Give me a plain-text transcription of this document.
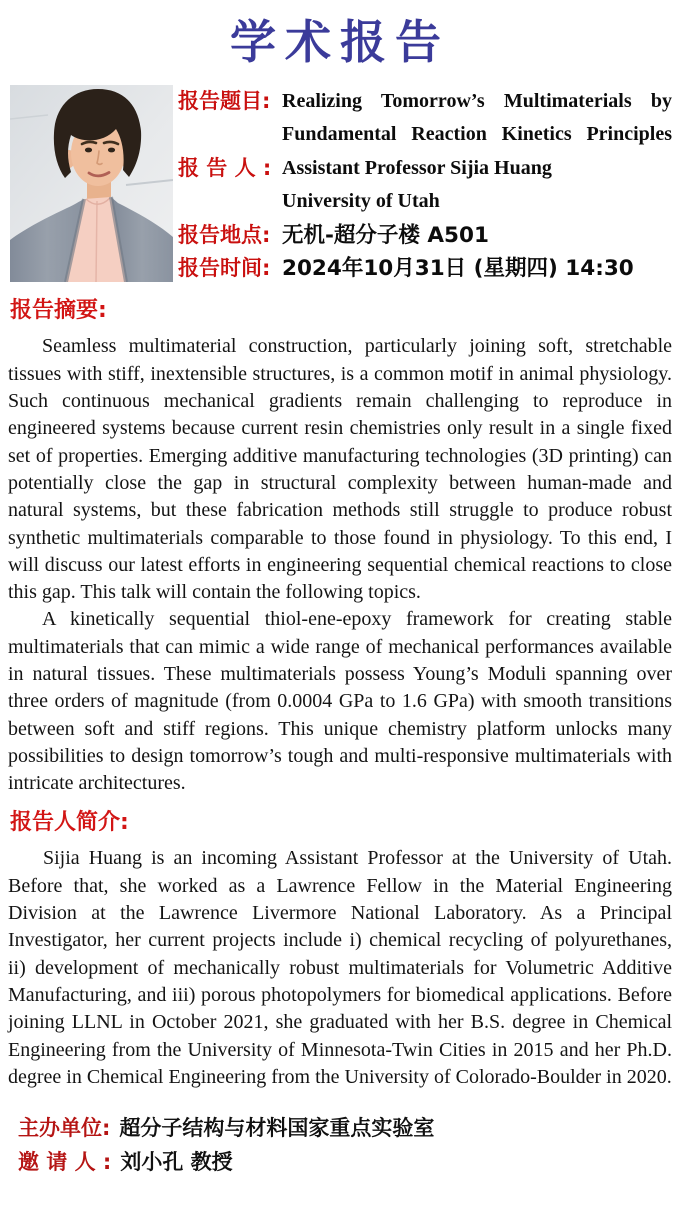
学术报告
报告题目: Realizing Tomorrow’s Multimaterials by
Fundamental Reaction Kinetics Principles
报 告 人 : Assistant Professor Sijia Huang
University of Utah
报告地点: 无机-超分子楼 A501
报告时间: 2024年10月31日 (星期四) 14:30
报告摘要:

Seamless multimaterial construction, particularly joining soft, stretchable tissues with stiff, inextensible structures, is a common motif in animal physiology. Such continuous mechanical gradients remain challenging to reproduce in engineered systems because current resin chemistries only result in a single fixed set of properties. Emerging additive manufacturing technologies (3D printing) can potentially close the gap in structural complexity between human-made and natural systems, but these fabrication methods still struggle to produce robust synthetic multimaterials comparable to those found in physiology. To this end, I will discuss our latest efforts in engineering sequential chemical reactions to close this gap. This talk will contain the following topics.

A kinetically sequential thiol-ene-epoxy framework for creating stable multimaterials that can mimic a wide range of mechanical performances available in natural tissues. These multimaterials possess Young’s Moduli spanning over three orders of magnitude (from 0.0004 GPa to 1.6 GPa) with smooth transitions between soft and stiff regions. This unique chemistry platform unlocks many possibilities to design tomorrow’s tough and multi-responsive multimaterials with intricate architectures.

报告人简介:

Sijia Huang is an incoming Assistant Professor at the University of Utah. Before that, she worked as a Lawrence Fellow in the Material Engineering Division at the Lawrence Livermore National Laboratory. As a Principal Investigator, her current projects include i) chemical recycling of polyurethanes, ii) development of mechanically robust multimaterials for Volumetric Additive Manufacturing, and iii) porous photopolymers for biomedical applications. Before joining LLNL in October 2021, she graduated with her B.S. degree in Chemical Engineering from the University of Minnesota-Twin Cities in 2015 and her Ph.D. degree in Chemical Engineering from the University of Colorado-Boulder in 2020.

主办单位: 超分子结构与材料国家重点实验室
邀 请 人 : 刘小孔 教授
